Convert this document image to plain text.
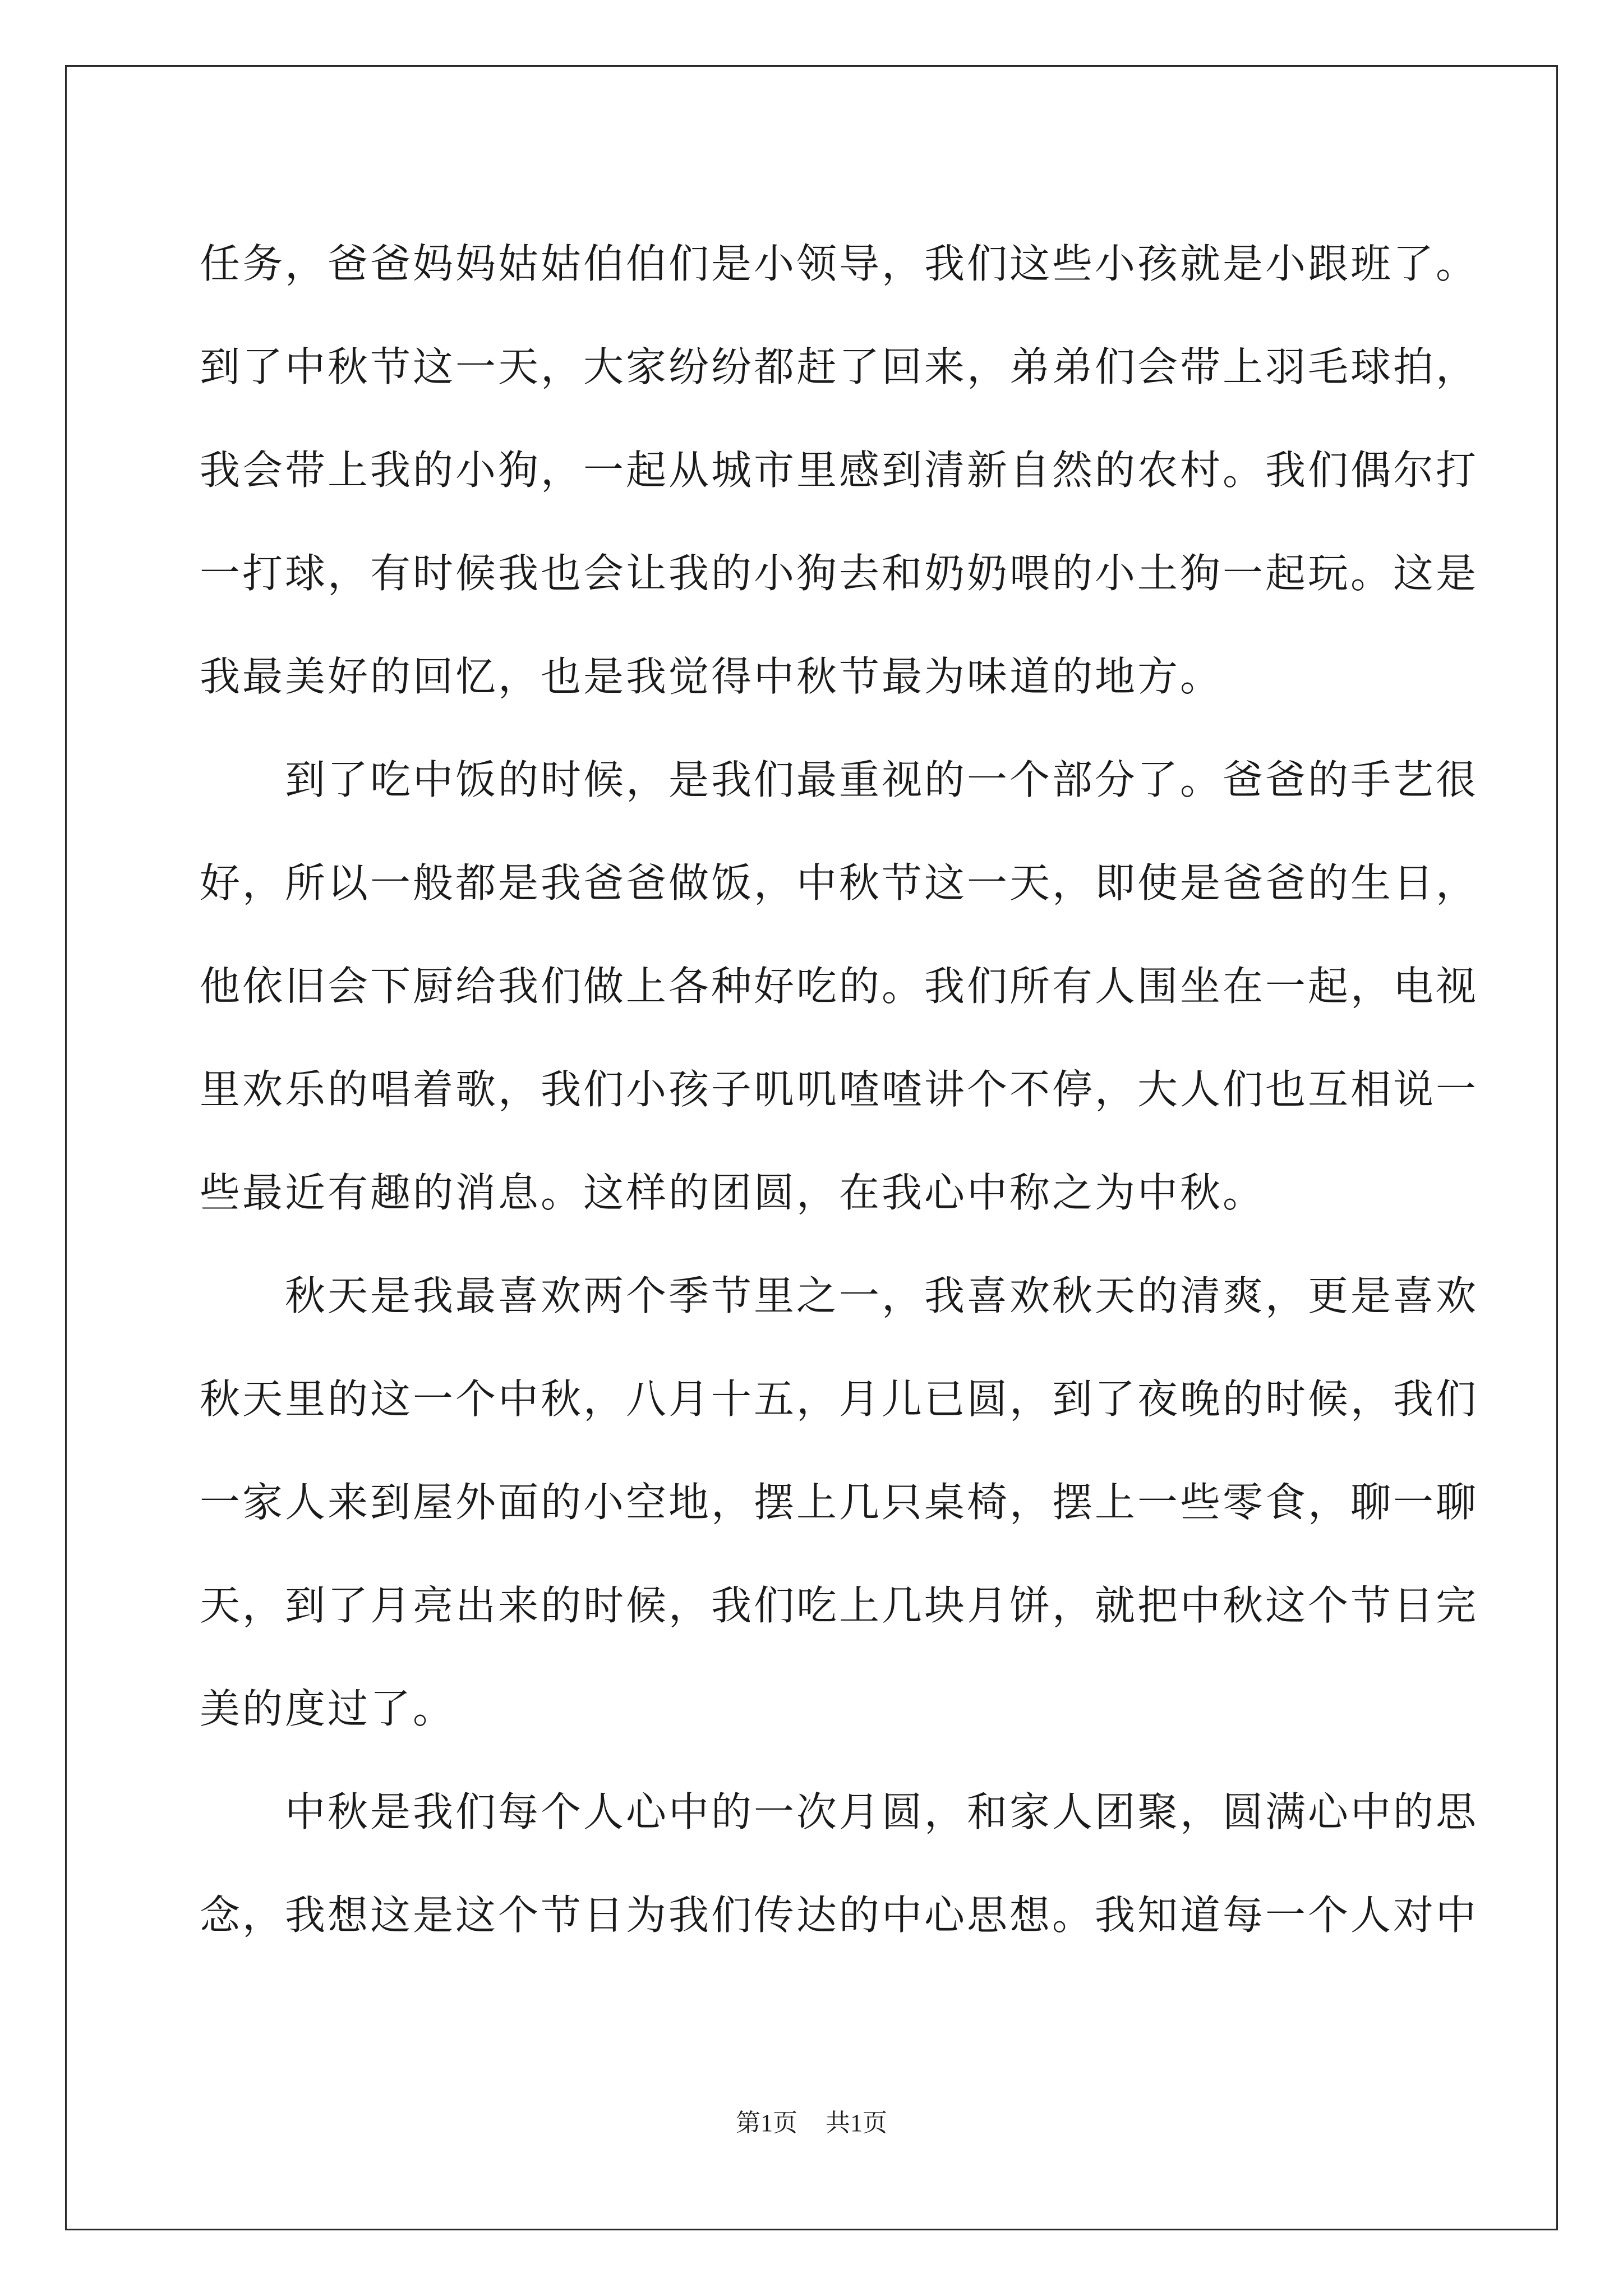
任务，爸爸妈妈姑姑伯伯们是小领导，我们这些小孩就是小跟班了。

到了中秋节这一天，大家纷纷都赶了回来，弟弟们会带上羽毛球拍，

我会带上我的小狗，一起从城市里感到清新自然的农村。我们偶尔打

一打球，有时候我也会让我的小狗去和奶奶喂的小土狗一起玩。这是

我最美好的回忆，也是我觉得中秋节最为味道的地方。

到了吃中饭的时候，是我们最重视的一个部分了。爸爸的手艺很

好，所以一般都是我爸爸做饭，中秋节这一天，即使是爸爸的生日，

他依旧会下厨给我们做上各种好吃的。我们所有人围坐在一起，电视

里欢乐的唱着歌，我们小孩子叽叽喳喳讲个不停，大人们也互相说一

些最近有趣的消息。这样的团圆，在我心中称之为中秋。

秋天是我最喜欢两个季节里之一，我喜欢秋天的清爽，更是喜欢

秋天里的这一个中秋，八月十五，月儿已圆，到了夜晚的时候，我们

一家人来到屋外面的小空地，摆上几只桌椅，摆上一些零食，聊一聊

天，到了月亮出来的时候，我们吃上几块月饼，就把中秋这个节日完

美的度过了。

中秋是我们每个人心中的一次月圆，和家人团聚，圆满心中的思

念，我想这是这个节日为我们传达的中心思想。我知道每一个人对中

第1页 共1页
